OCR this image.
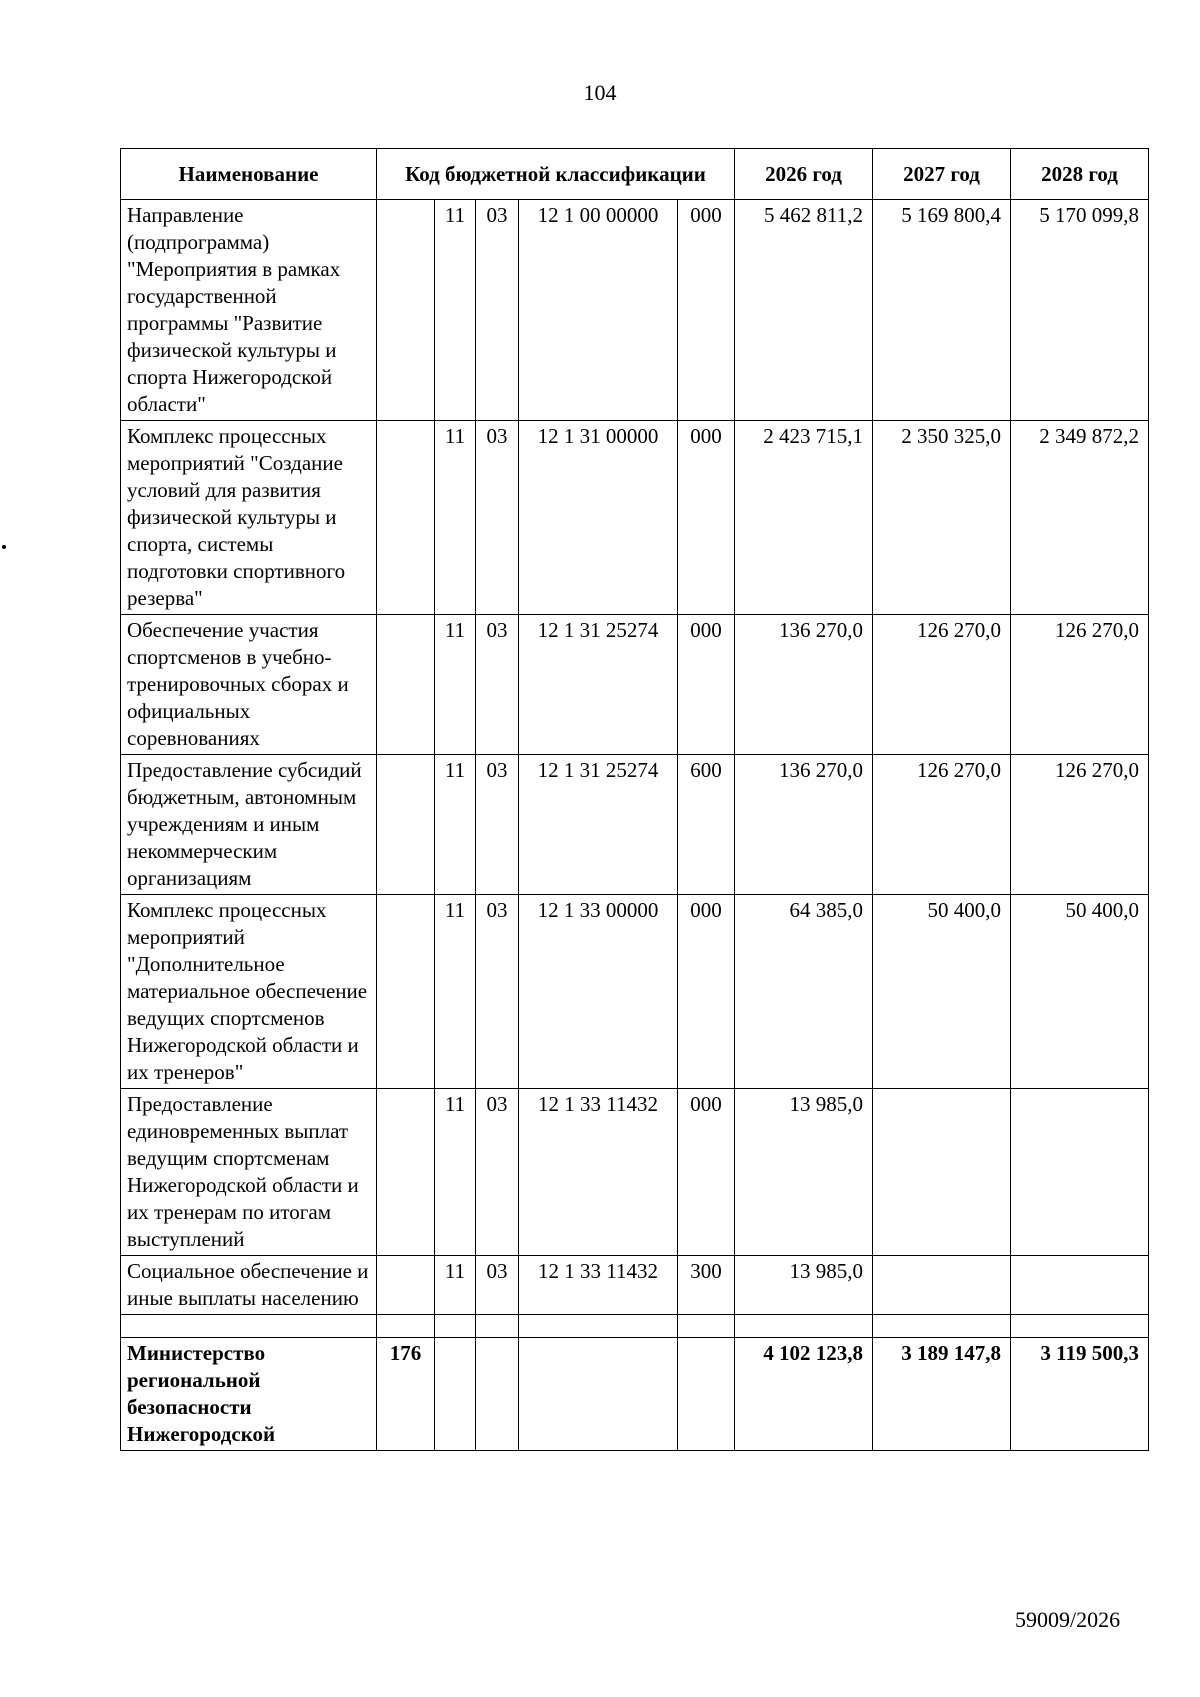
104
Наименование	Код бюджетной классификации					2026 год	2027 год	2028 год
Направление (подпрограмма) "Мероприятия в рамках государственной программы "Развитие физической культуры и спорта Нижегородской области"		11	03	12 1 00 00000	000	5 462 811,2	5 169 800,4	5 170 099,8
Комплекс процессных мероприятий "Создание условий для развития физической культуры и спорта, системы подготовки спортивного резерва"		11	03	12 1 31 00000	000	2 423 715,1	2 350 325,0	2 349 872,2
Обеспечение участия спортсменов в учебно-тренировочных сборах и официальных соревнованиях		11	03	12 1 31 25274	000	136 270,0	126 270,0	126 270,0
Предоставление субсидий бюджетным, автономным учреждениям и иным некоммерческим организациям		11	03	12 1 31 25274	600	136 270,0	126 270,0	126 270,0
Комплекс процессных мероприятий "Дополнительное материальное обеспечение ведущих спортсменов Нижегородской области и их тренеров"		11	03	12 1 33 00000	000	64 385,0	50 400,0	50 400,0
Предоставление единовременных выплат ведущим спортсменам Нижегородской области и их тренерам по итогам выступлений		11	03	12 1 33 11432	000	13 985,0		
Социальное обеспечение и иные выплаты населению		11	03	12 1 33 11432	300	13 985,0		

Министерство региональной безопасности Нижегородской	176					4 102 123,8	3 189 147,8	3 119 500,3
59009/2026
